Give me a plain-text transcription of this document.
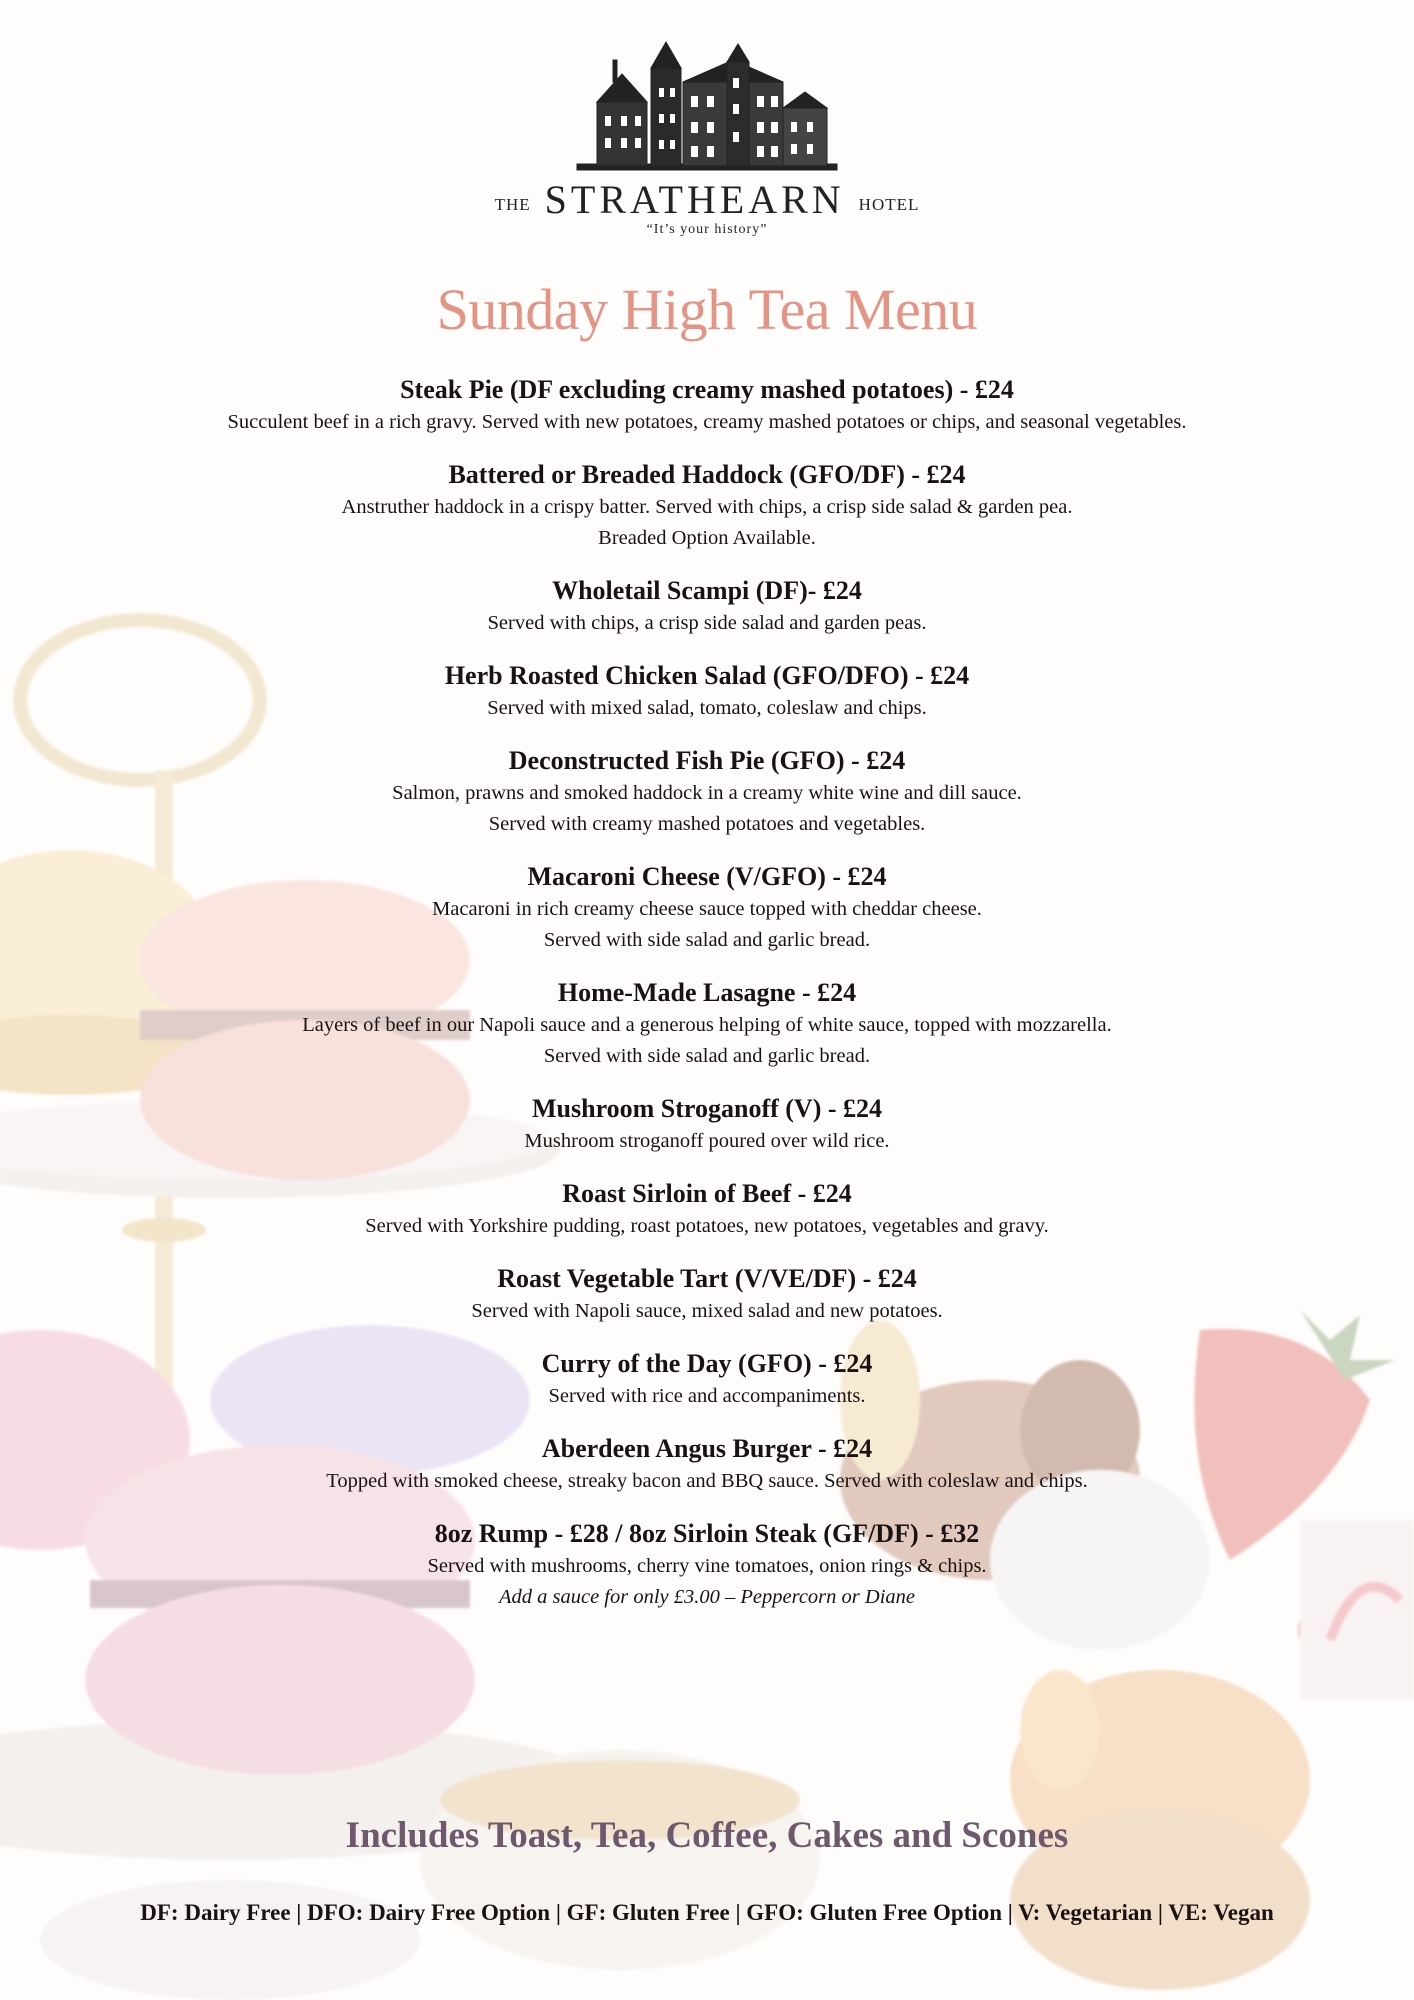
THE STRATHEARN HOTEL
“It’s your history”
Sunday High Tea Menu
Steak Pie (DF excluding creamy mashed potatoes) - £24
Succulent beef in a rich gravy. Served with new potatoes, creamy mashed potatoes or chips, and seasonal vegetables.
Battered or Breaded Haddock (GFO/DF) - £24
Anstruther haddock in a crispy batter. Served with chips, a crisp side salad & garden pea.
Breaded Option Available.
Wholetail Scampi (DF)- £24
Served with chips, a crisp side salad and garden peas.
Herb Roasted Chicken Salad (GFO/DFO) - £24
Served with mixed salad, tomato, coleslaw and chips.
Deconstructed Fish Pie (GFO) - £24
Salmon, prawns and smoked haddock in a creamy white wine and dill sauce.
Served with creamy mashed potatoes and vegetables.
Macaroni Cheese (V/GFO) - £24
Macaroni in rich creamy cheese sauce topped with cheddar cheese.
Served with side salad and garlic bread.
Home-Made Lasagne - £24
Layers of beef in our Napoli sauce and a generous helping of white sauce, topped with mozzarella.
Served with side salad and garlic bread.
Mushroom Stroganoff (V) - £24
Mushroom stroganoff poured over wild rice.
Roast Sirloin of Beef - £24
Served with Yorkshire pudding, roast potatoes, new potatoes, vegetables and gravy.
Roast Vegetable Tart (V/VE/DF) - £24
Served with Napoli sauce, mixed salad and new potatoes.
Curry of the Day (GFO) - £24
Served with rice and accompaniments.
Aberdeen Angus Burger - £24
Topped with smoked cheese, streaky bacon and BBQ sauce. Served with coleslaw and chips.
8oz Rump - £28 / 8oz Sirloin Steak (GF/DF) - £32
Served with mushrooms, cherry vine tomatoes, onion rings & chips.
Add a sauce for only £3.00 – Peppercorn or Diane
Includes Toast, Tea, Coffee, Cakes and Scones
DF: Dairy Free | DFO: Dairy Free Option | GF: Gluten Free | GFO: Gluten Free Option | V: Vegetarian | VE: Vegan
